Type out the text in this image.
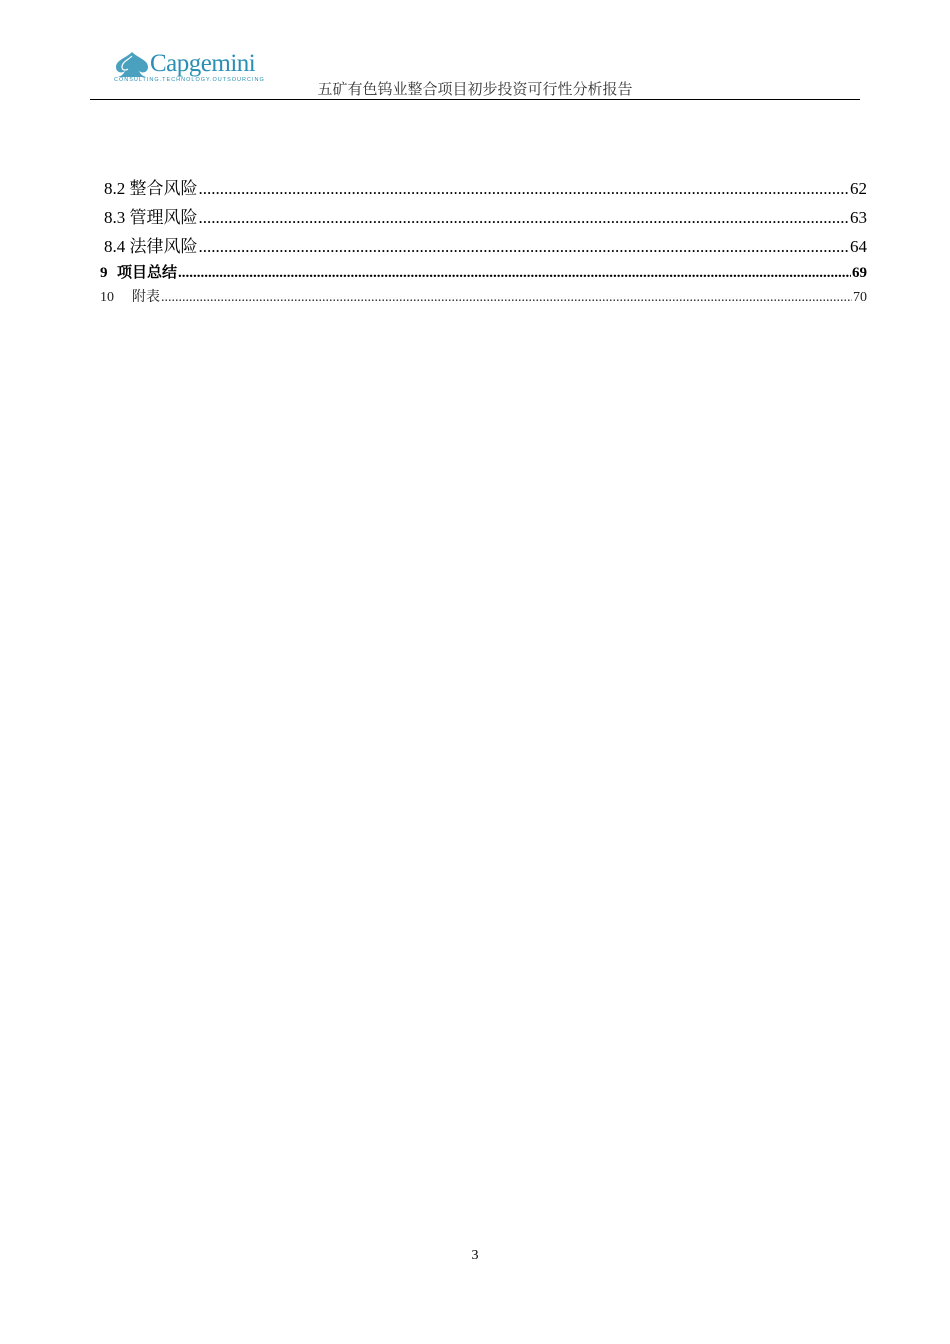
Capgemini
CONSULTING.TECHNOLOGY.OUTSOURCING
五矿有色钨业整合项目初步投资可行性分析报告
8.2 整合风险 .....	62
8.3 管理风险 .....	63
8.4 法律风险 .....	64
9 项目总结 .....	69
10 附表 .....	70
3
